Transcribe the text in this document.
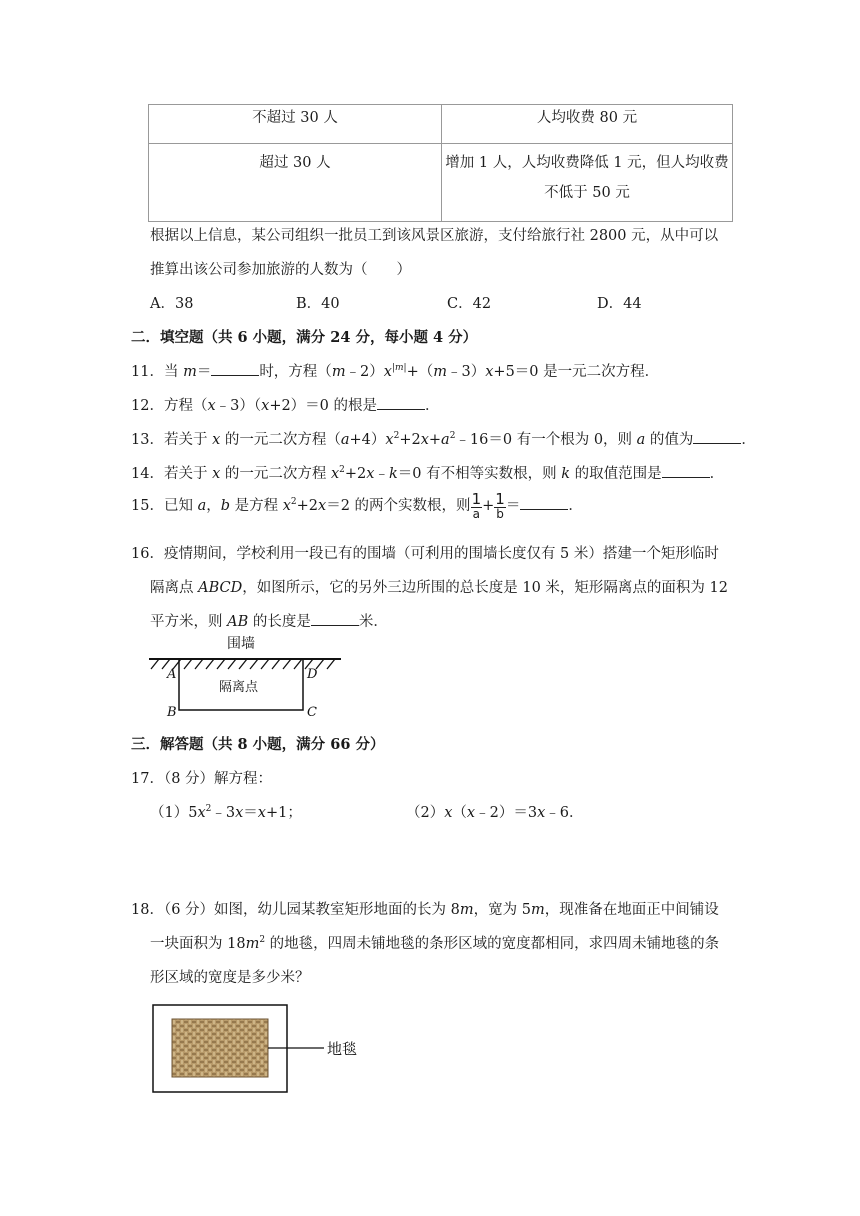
不超过 30 人	人均收费 80 元
超过 30 人	增加 1 人，人均收费降低 1 元，但人均收费
不低于 50 元
根据以上信息，某公司组织一批员工到该风景区旅游，支付给旅行社 2800 元，从中可以
推算出该公司参加旅游的人数为（　　）
A．38	B．40	C．42	D．44
二．填空题（共 6 小题，满分 24 分，每小题 4 分）
11．当 m＝	时，方程$(m﹣2)x^{|m|}+(m﹣3)x+5=0$ 是一元二次方程．
12．方程（x﹣3）（x+2）＝0 的根是	．
13．若关于 x 的一元二次方程$(a+4)x^2+2x+a^2﹣16=0$ 有一个根为 0，则 a 的值为	．
14．若关于 x 的一元二次方程 $x^2+2x﹣k=0$ 有不相等实数根，则 k 的取值范围是	．
15．已知 a，b 是方程 $x^2+2x=2$ 的两个实数根，则 $\frac{1}{a} + \frac{1}{b}$ ＝	．
16．疫情期间，学校利用一段已有的围墙（可利用的围墙长度仅有 5 米）搭建一个矩形临时
隔离点 ABCD，如图所示，它的另外三边所围的总长度是 10 米，矩形隔离点的面积为 12
平方米，则 AB 的长度是	米．
围墙
隔离点
A
B	C
D
三．解答题（共 8 小题，满分 66 分）
17．（8 分）解方程：
$(1)5x^2﹣3x=x+1$；	（2）x（x﹣2）＝3x﹣6．
18．（6 分）如图，幼儿园某教室矩形地面的长为 8m，宽为 5m，现准备在地面正中间铺设
一块面积为 $18m^2$ 的地毯，四周未铺地毯的条形区域的宽度都相同，求四周未铺地毯的条
形区域的宽度是多少米？
地毯
